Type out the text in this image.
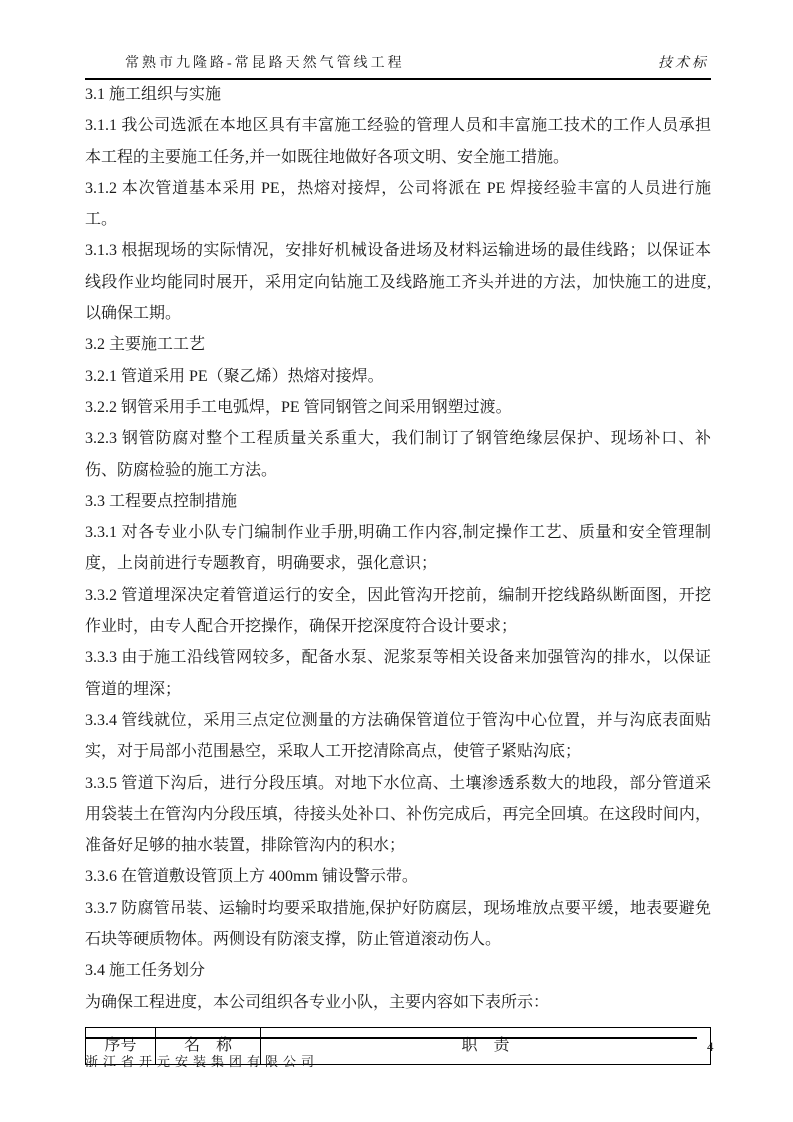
常熟市九隆路-常昆路天然气管线工程	技术标

3.1 施工组织与实施

3.1.1 我公司选派在本地区具有丰富施工经验的管理人员和丰富施工技术的工作人员承担本工程的主要施工任务,并一如既往地做好各项文明、安全施工措施。

3.1.2 本次管道基本采用 PE，热熔对接焊，公司将派在 PE 焊接经验丰富的人员进行施工。

3.1.3 根据现场的实际情况，安排好机械设备进场及材料运输进场的最佳线路；以保证本线段作业均能同时展开，采用定向钻施工及线路施工齐头并进的方法，加快施工的进度,以确保工期。

3.2 主要施工工艺

3.2.1 管道采用 PE（聚乙烯）热熔对接焊。

3.2.2 钢管采用手工电弧焊，PE 管同钢管之间采用钢塑过渡。

3.2.3 钢管防腐对整个工程质量关系重大，我们制订了钢管绝缘层保护、现场补口、补伤、防腐检验的施工方法。

3.3 工程要点控制措施

3.3.1 对各专业小队专门编制作业手册,明确工作内容,制定操作工艺、质量和安全管理制度，上岗前进行专题教育，明确要求，强化意识；

3.3.2 管道埋深决定着管道运行的安全，因此管沟开挖前，编制开挖线路纵断面图，开挖作业时，由专人配合开挖操作，确保开挖深度符合设计要求；

3.3.3 由于施工沿线管网较多，配备水泵、泥浆泵等相关设备来加强管沟的排水，以保证管道的埋深；

3.3.4 管线就位，采用三点定位测量的方法确保管道位于管沟中心位置，并与沟底表面贴实，对于局部小范围悬空，采取人工开挖清除高点，使管子紧贴沟底；

3.3.5 管道下沟后，进行分段压填。对地下水位高、土壤渗透系数大的地段，部分管道采用袋装土在管沟内分段压填，待接头处补口、补伤完成后，再完全回填。在这段时间内，准备好足够的抽水装置，排除管沟内的积水；

3.3.6 在管道敷设管顶上方 400mm 铺设警示带。

3.3.7 防腐管吊装、运输时均要采取措施,保护好防腐层，现场堆放点要平缓，地表要避免石块等硬质物体。两侧设有防滚支撑，防止管道滚动伤人。

3.4 施工任务划分

为确保工程进度，本公司组织各专业小队，主要内容如下表所示：

序号	名　称	职　责	4
浙江省开元安装集团有限公司
